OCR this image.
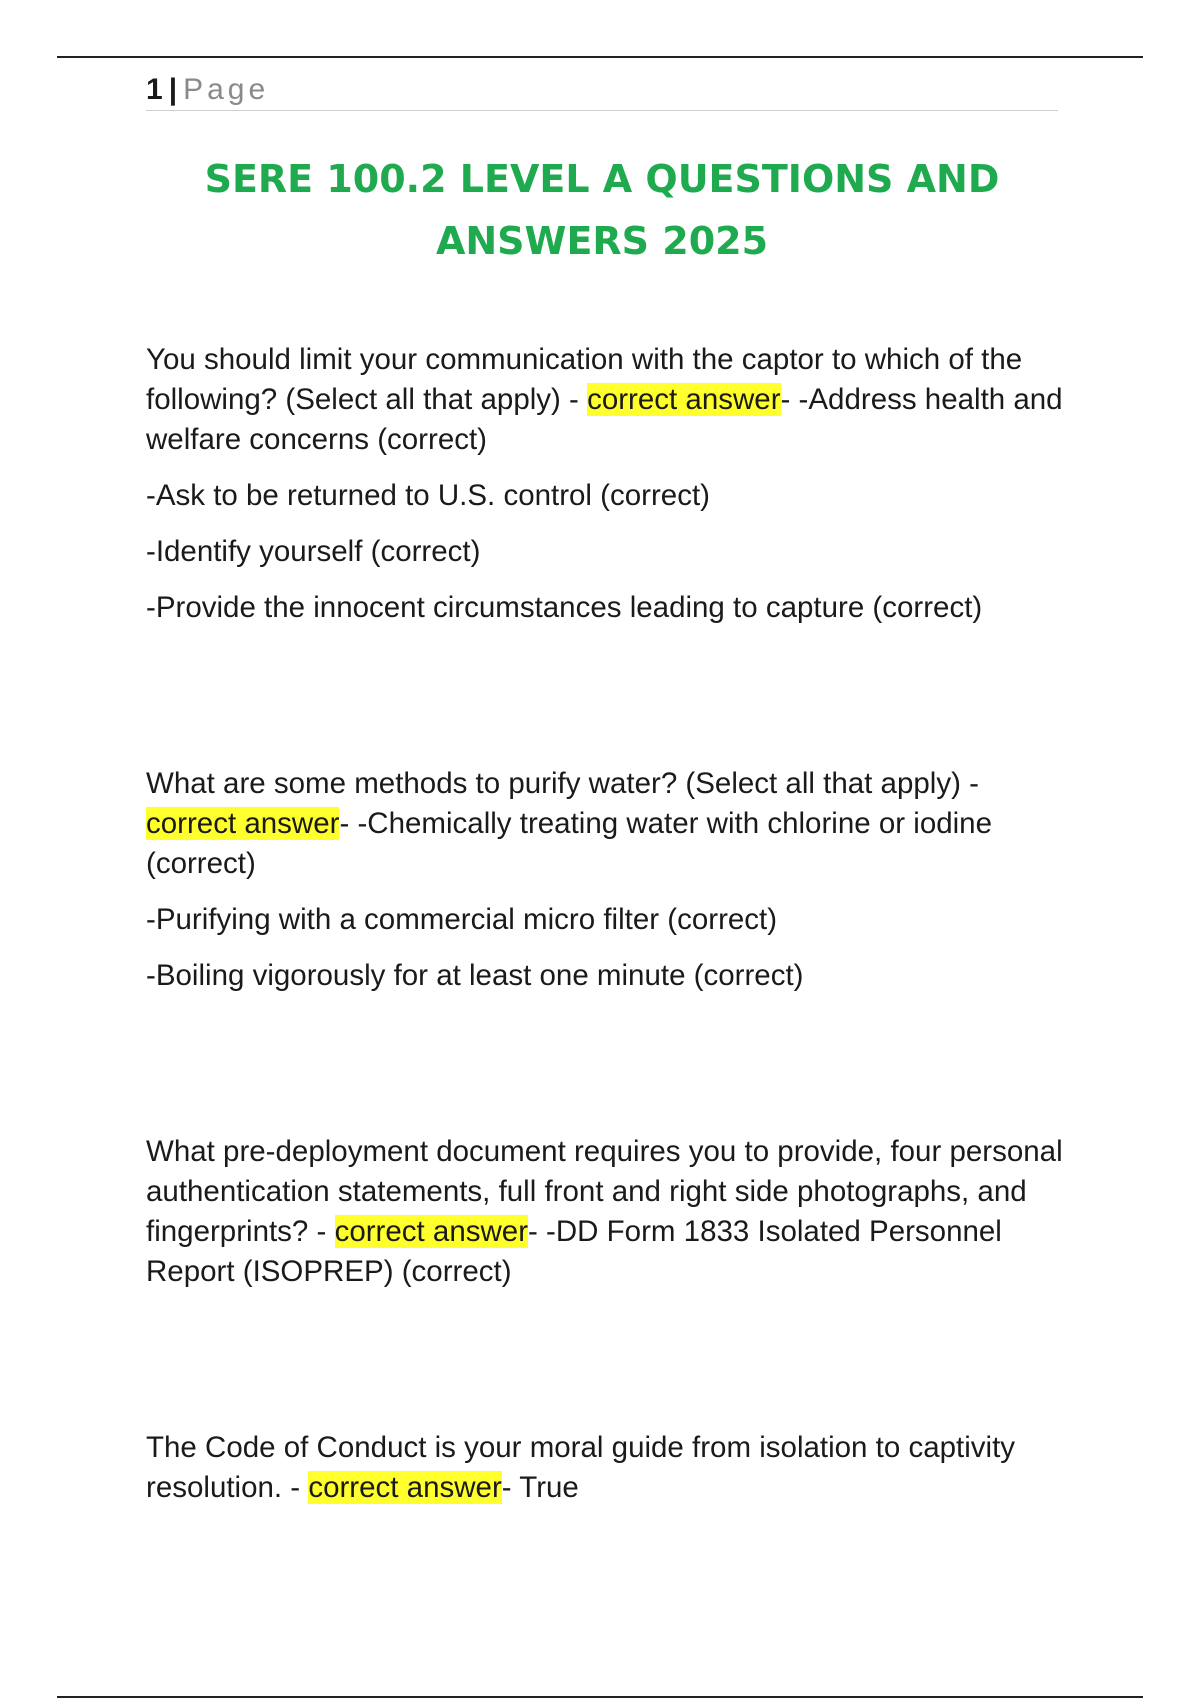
1 | Page
SERE 100.2 LEVEL A QUESTIONS AND
ANSWERS 2025

You should limit your communication with the captor to which of the following? (Select all that apply) - correct answer- -Address health and welfare concerns (correct)

-Ask to be returned to U.S. control (correct)

-Identify yourself (correct)

-Provide the innocent circumstances leading to capture (correct)

What are some methods to purify water? (Select all that apply) - correct answer- -Chemically treating water with chlorine or iodine (correct)

-Purifying with a commercial micro filter (correct)

-Boiling vigorously for at least one minute (correct)

What pre-deployment document requires you to provide, four personal authentication statements, full front and right side photographs, and fingerprints? - correct answer- -DD Form 1833 Isolated Personnel Report (ISOPREP) (correct)

The Code of Conduct is your moral guide from isolation to captivity resolution. - correct answer- True
